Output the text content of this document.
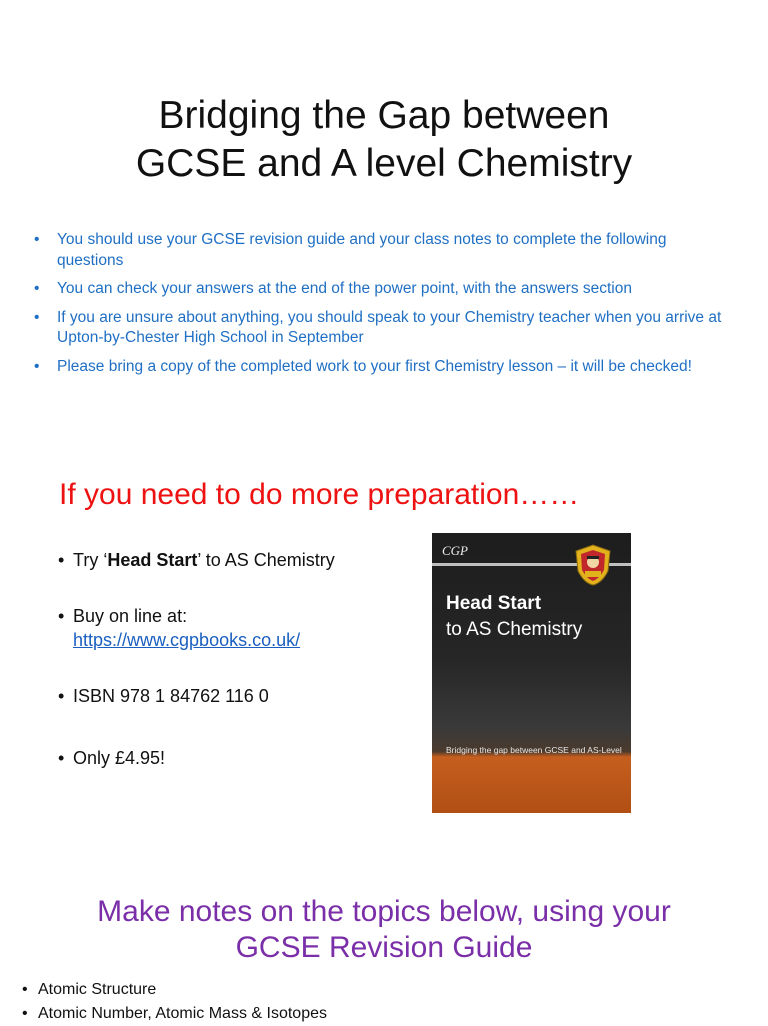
Bridging the Gap between
GCSE and A level Chemistry
• You should use your GCSE revision guide and your class notes to complete the following questions
• You can check your answers at the end of the power point, with the answers section
• If you are unsure about anything, you should speak to your Chemistry teacher when you arrive at Upton-by-Chester High School in September
• Please bring a copy of the completed work to your first Chemistry lesson – it will be checked!
If you need to do more preparation……
• Try ‘Head Start’ to AS Chemistry
• Buy on line at:
https://www.cgpbooks.co.uk/
• ISBN 978 1 84762 116 0
• Only £4.95!
CGP
Head Start
to AS Chemistry
Bridging the gap between GCSE and AS-Level
Make notes on the topics below, using your
GCSE Revision Guide
• Atomic Structure
• Atomic Number, Atomic Mass & Isotopes
